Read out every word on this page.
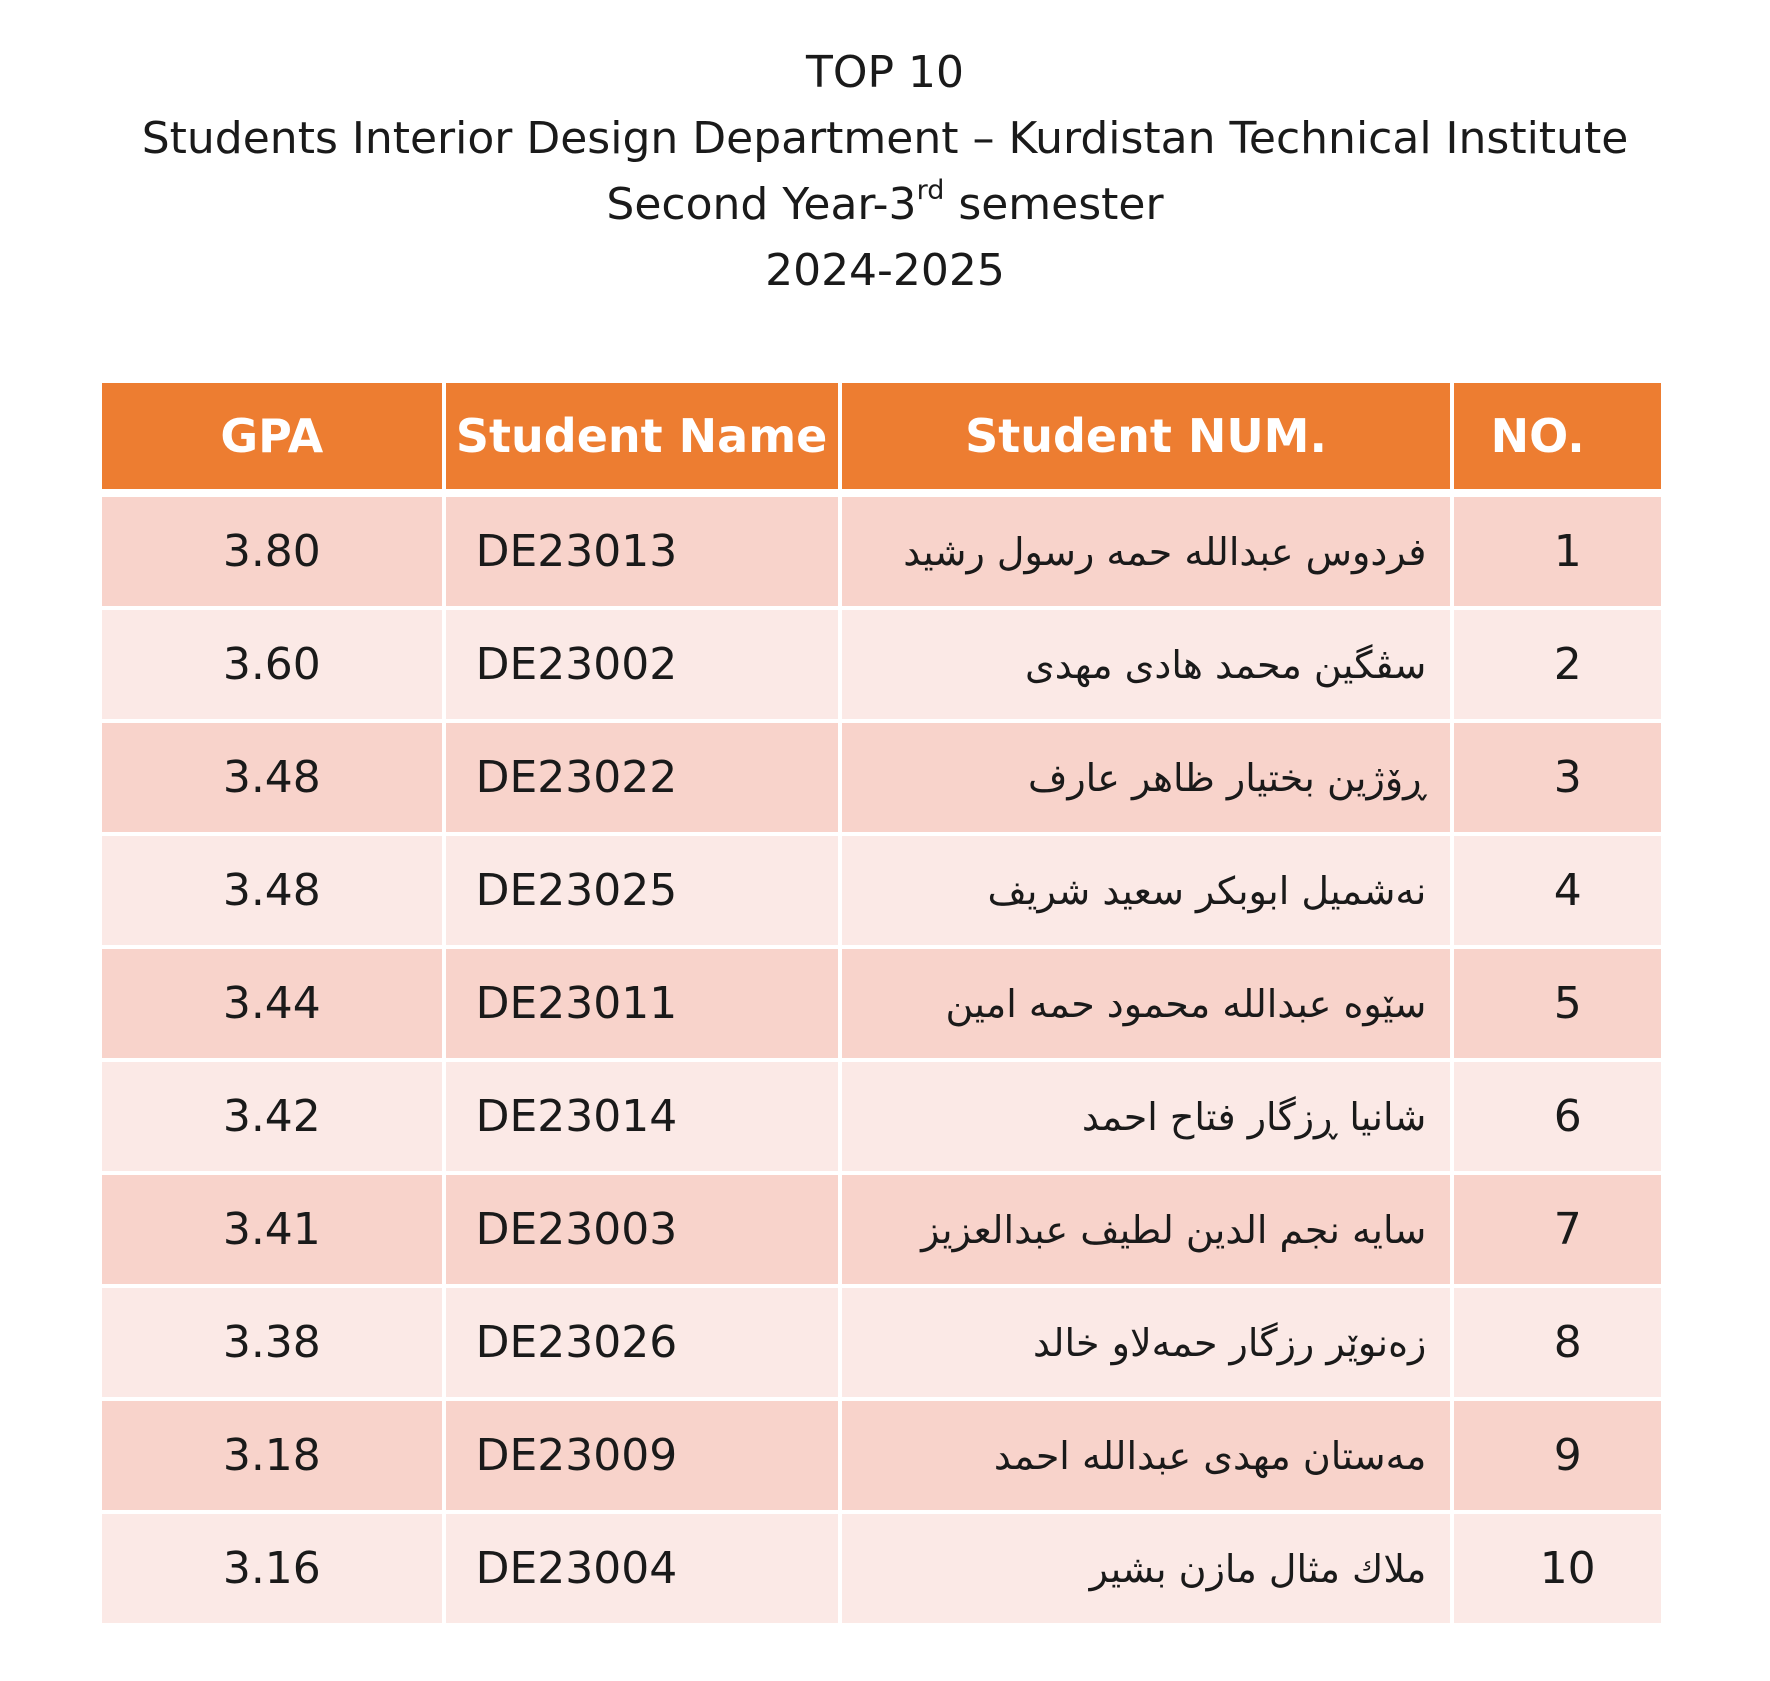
TOP 10
Students Interior Design Department – Kurdistan Technical Institute
Second Year-3rd semester
2024-2025
GPA	Student Name	Student NUM.	NO.
3.80	DE23013	فردوس عبدالله حمه رسول رشيد	1
3.60	DE23002	سڤگین محمد هادی مهدی	2
3.48	DE23022	ڕۆژین بختیار ظاهر عارف	3
3.48	DE23025	نەشمیل ابوبکر سعید شریف	4
3.44	DE23011	سێوە عبدالله محمود حمه امین	5
3.42	DE23014	شانیا ڕزگار فتاح احمد	6
3.41	DE23003	سایه نجم الدین لطیف عبدالعزیز	7
3.38	DE23026	زەنوێر رزگار حمەلاو خالد	8
3.18	DE23009	مەستان مهدی عبدالله احمد	9
3.16	DE23004	ملاك مثال مازن بشير	10
